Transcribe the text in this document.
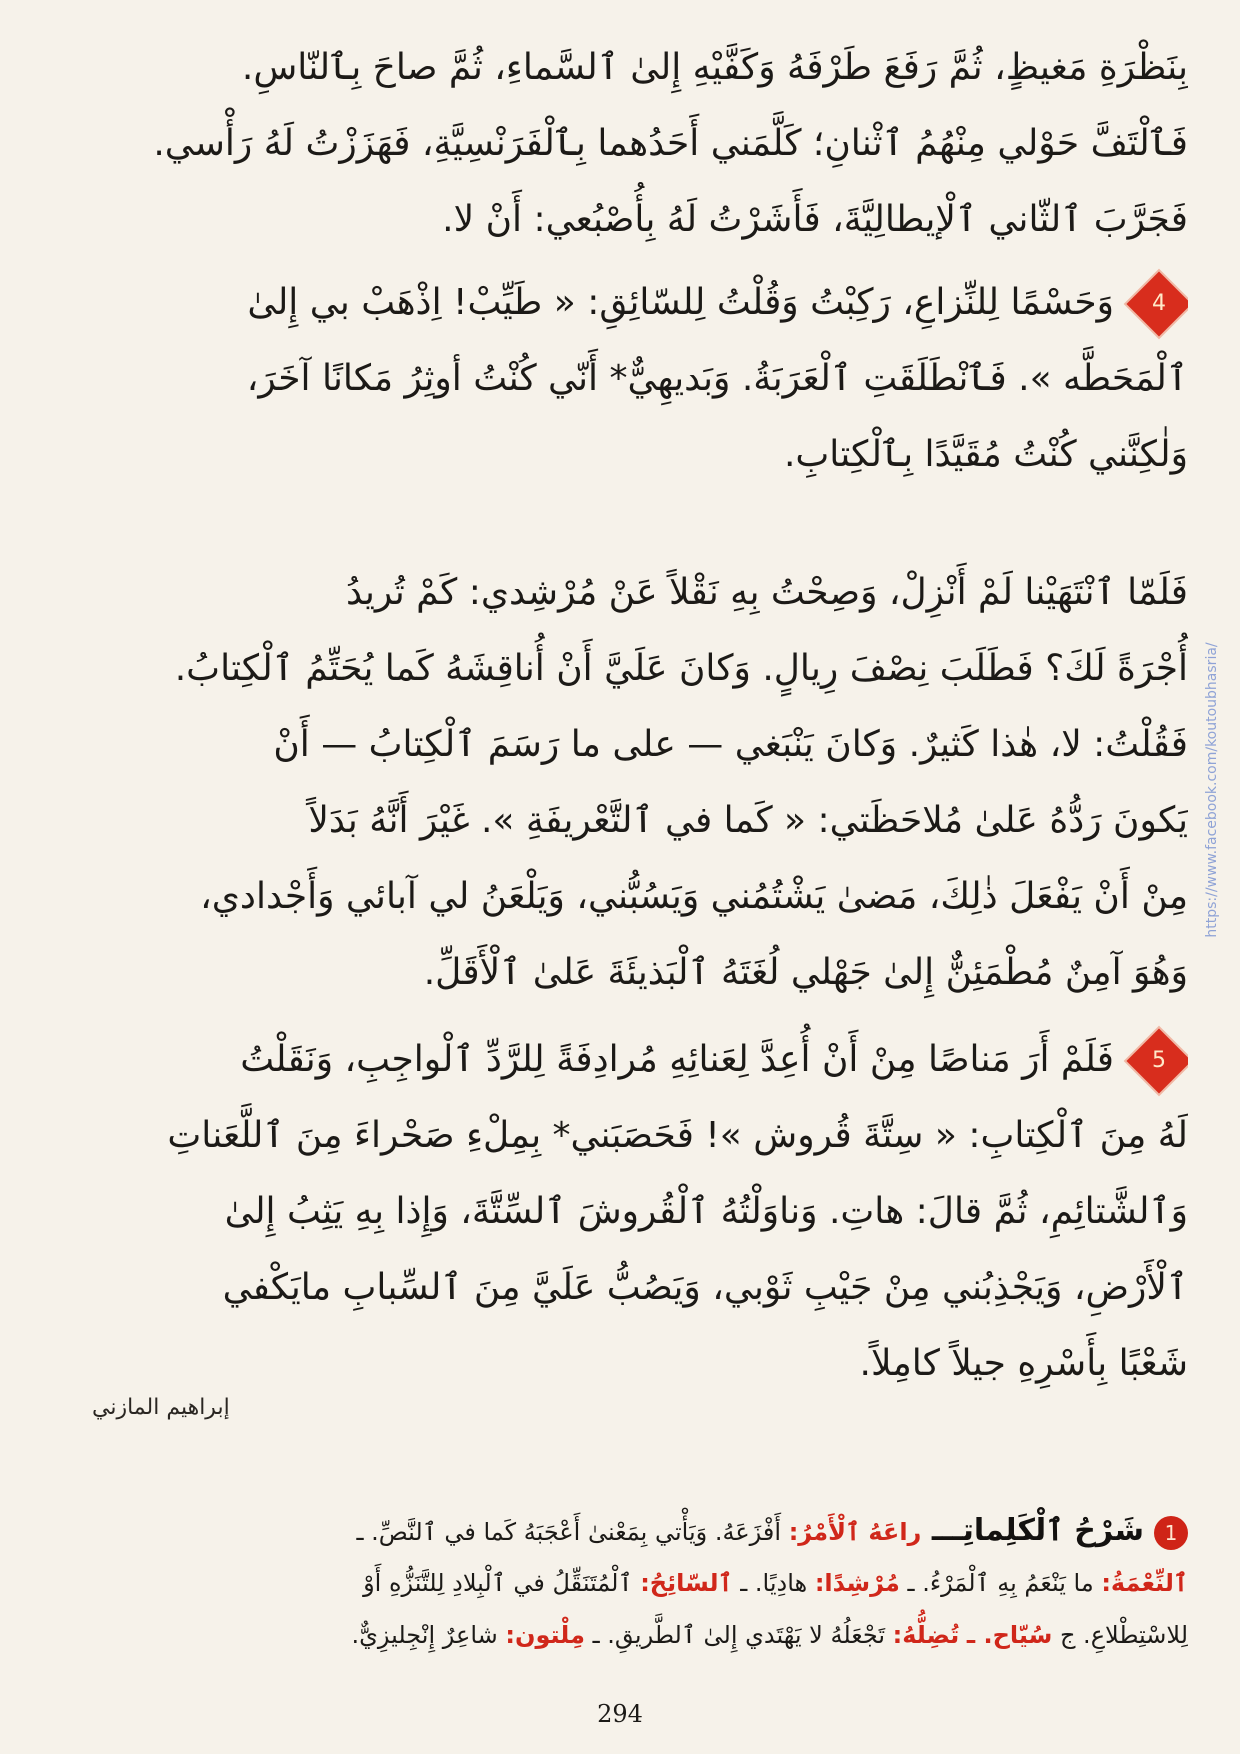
بِنَظْرَةِ مَغيظٍ، ثُمَّ رَفَعَ طَرْفَهُ وَكَفَّيْهِ إِلىٰ ٱلسَّماءِ، ثُمَّ صاحَ بِٱلنّاسِ.
فَٱلْتَفَّ حَوْلي مِنْهُمُ ٱثْنانِ؛ كَلَّمَني أَحَدُهما بِٱلْفَرَنْسِيَّةِ، فَهَزَزْتُ لَهُ رَأْسي.
فَجَرَّبَ ٱلثّاني ٱلْإيطالِيَّةَ، فَأَشَرْتُ لَهُ بِأُصْبُعي: أَنْ لا.
4
وَحَسْمًا لِلنِّزاعِ، رَكِبْتُ وَقُلْتُ لِلسّائِقِ: « طَيِّبْ! اِذْهَبْ بي إِلىٰ
ٱلْمَحَطَّه ». فَٱنْطَلَقَتِ ٱلْعَرَبَةُ. وَبَديهِيٌّ* أَنّي كُنْتُ أوثِرُ مَكانًا آخَرَ،
وَلٰكِنَّني كُنْتُ مُقَيَّدًا بِٱلْكِتابِ.
فَلَمّا ٱنْتَهَيْنا لَمْ أَنْزِلْ، وَصِحْتُ بِهِ نَقْلاً عَنْ مُرْشِدي: كَمْ تُريدُ
أُجْرَةً لَكَ؟ فَطَلَبَ نِصْفَ رِيالٍ. وَكانَ عَلَيَّ أَنْ أُناقِشَهُ كَما يُحَتِّمُ ٱلْكِتابُ.
فَقُلْتُ: لا، هٰذا كَثيرٌ. وَكانَ يَنْبَغي — على ما رَسَمَ ٱلْكِتابُ — أَنْ
يَكونَ رَدُّهُ عَلىٰ مُلاحَظَتي: « كَما في ٱلتَّعْريفَةِ ». غَيْرَ أَنَّهُ بَدَلاً
مِنْ أَنْ يَفْعَلَ ذٰلِكَ، مَضىٰ يَشْتُمُني وَيَسُبُّني، وَيَلْعَنُ لي آبائي وَأَجْدادي،
وَهُوَ آمِنٌ مُطْمَئِنٌّ إِلىٰ جَهْلي لُغَتَهُ ٱلْبَذيئَةَ عَلىٰ ٱلْأَقَلِّ.
5
فَلَمْ أَرَ مَناصًا مِنْ أَنْ أُعِدَّ لِعَنائِهِ مُرادِفَةً لِلرَّدِّ ٱلْواجِبِ، وَنَقَلْتُ
لَهُ مِنَ ٱلْكِتابِ: « سِتَّةَ قُروش »! فَحَصَبَني* بِمِلْءِ صَحْراءَ مِنَ ٱللَّعَناتِ
وَٱلشَّتائِمِ، ثُمَّ قالَ: هاتِ. وَناوَلْتُهُ ٱلْقُروشَ ٱلسِّتَّةَ، وَإِذا بِهِ يَثِبُ إِلىٰ
ٱلْأَرْضِ، وَيَجْذِبُني مِنْ جَيْبِ ثَوْبي، وَيَصُبُّ عَلَيَّ مِنَ ٱلسِّبابِ مايَكْفي
شَعْبًا بِأَسْرِهِ جيلاً كامِلاً.
إبراهيم المازني
https://www.facebook.com/koutoubhasria/
1شَرْحُ ٱلْكَلِماتِـــ راعَهُ ٱلْأَمْرُ: أَفْزَعَهُ. وَيَأْتي بِمَعْنىٰ أَعْجَبَهُ كَما في ٱلنَّصِّ. ـ
ٱلنِّعْمَةُ: ما يَنْعَمُ بِهِ ٱلْمَرْءُ. ـ مُرْشِدًا: هادِيًا. ـ ٱلسّائِحُ: ٱلْمُتَنَقِّلُ في ٱلْبِلادِ لِلتَّنَزُّهِ أَوْ
لِلاسْتِطْلاعِ. ج سُيّاح. ـ تُضِلُّهُ: تَجْعَلُهُ لا يَهْتَدي إِلىٰ ٱلطَّريقِ. ـ مِلْتون: شاعِرٌ إِنْجِليزِيٌّ.
294
